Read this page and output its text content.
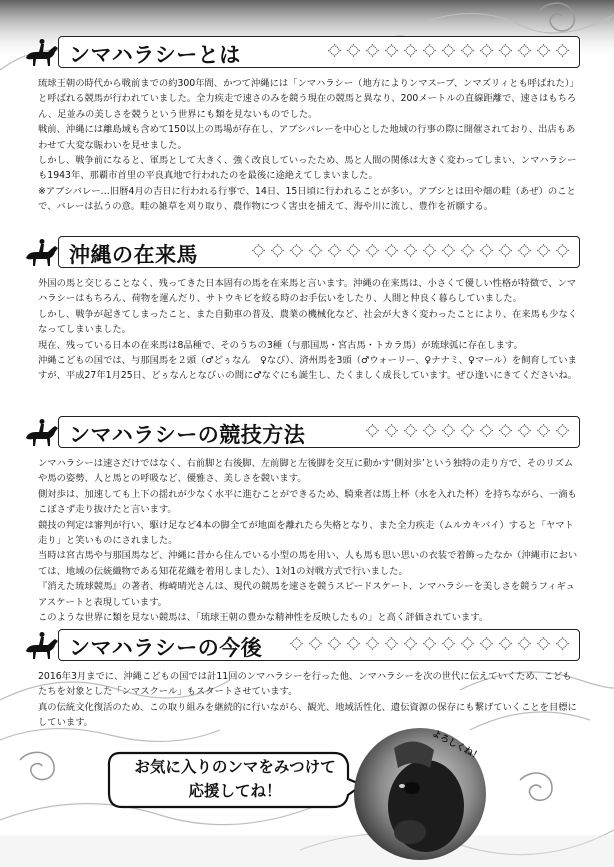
ンマハラシーとは

琉球王朝の時代から戦前までの約300年間、かつて沖縄には「ンマハラシー（地方によりンマスーブ、ンマズリィとも呼ばれた）」と呼ばれる競馬が行われていました。全力疾走で速さのみを競う現在の競馬と異なり、200メートルの直線距離で、速さはもちろん、足並みの美しさを競うという世界にも類を見ないものでした。

戦前、沖縄には離島域も含めて150以上の馬場が存在し、アブシバレーを中心とした地域の行事の際に開催されており、出店もあわせて大変な賑わいを見せました。

しかし、戦争前になると、軍馬として大きく、強く改良していったため、馬と人間の関係は大きく変わってしまい、ンマハラシーも1943年、那覇市首里の平良真地で行われたのを最後に途絶えてしまいました。

※アブシバレー…旧暦4月の吉日に行われる行事で、14日、15日頃に行われることが多い。アブシとは田や畑の畦（あぜ）のことで、バレーは払うの意。畦の雑草を刈り取り、農作物につく害虫を捕えて、海や川に流し、豊作を祈願する。

沖縄の在来馬

外国の馬と交じることなく、残ってきた日本固有の馬を在来馬と言います。沖縄の在来馬は、小さくて優しい性格が特徴で、ンマハラシーはもちろん、荷物を運んだり、サトウキビを絞る時のお手伝いをしたり、人間と仲良く暮らしていました。

しかし、戦争が起きてしまったこと、また自動車の普及、農業の機械化など、社会が大きく変わったことにより、在来馬も少なくなってしまいました。

現在、残っている日本の在来馬は8品種で、そのうちの3種（与那国馬・宮古馬・トカラ馬）が琉球弧に存在します。

沖縄こどもの国では、与那国馬を２頭（♂どぅなん　♀なび）、済州馬を3頭（♂ウォーリー、♀ナナミ、♀マール）を飼育していますが、平成27年1月25日、どぅなんとなびぃの間に♂なぐにも誕生し、たくましく成長しています。ぜひ逢いにきてくださいね。

ンマハラシーの競技方法

ンマハラシーは速さだけではなく、右前脚と右後脚、左前脚と左後脚を交互に動かす‘側対歩’という独特の走り方で、そのリズムや馬の姿勢、人と馬との呼吸など、優雅さ、美しさを競います。

側対歩は、加速しても上下の揺れが少なく水平に進むことができるため、騎乗者は馬上杯（水を入れた杯）を持ちながら、一滴もこぼさず走り抜けたと言います。

競技の判定は審判が行い、駆け足など4本の脚全てが地面を離れたら失格となり、また全力疾走（ムルカキバイ）すると「ヤマト走り」と笑いものにされました。

当時は宮古馬や与那国馬など、沖縄に昔から住んでいる小型の馬を用い、人も馬も思い思いの衣装で着飾ったなか（沖縄市においては、地域の伝統織物である知花花織を着用しました）、1対1の対戦方式で行いました。

『消えた琉球競馬』の著者、梅崎晴光さんは、現代の競馬を速さを競うスピードスケート、ンマハラシーを美しさを競うフィギュアスケートと表現しています。

このような世界に類を見ない競馬は、「琉球王朝の豊かな精神性を反映したもの」と高く評価されています。

ンマハラシーの今後

2016年3月までに、沖縄こどもの国では計11回のンマハラシーを行った他、ンマハラシーを次の世代に伝えていくため、こどもたちを対象とした「ンマスクール」もスタートさせています。

真の伝統文化復活のため、この取り組みを継続的に行いながら、観光、地域活性化、遺伝資源の保存にも繋げていくことを目標にしています。

お気に入りのンマをみつけて
応援してね！
よろしくね！
